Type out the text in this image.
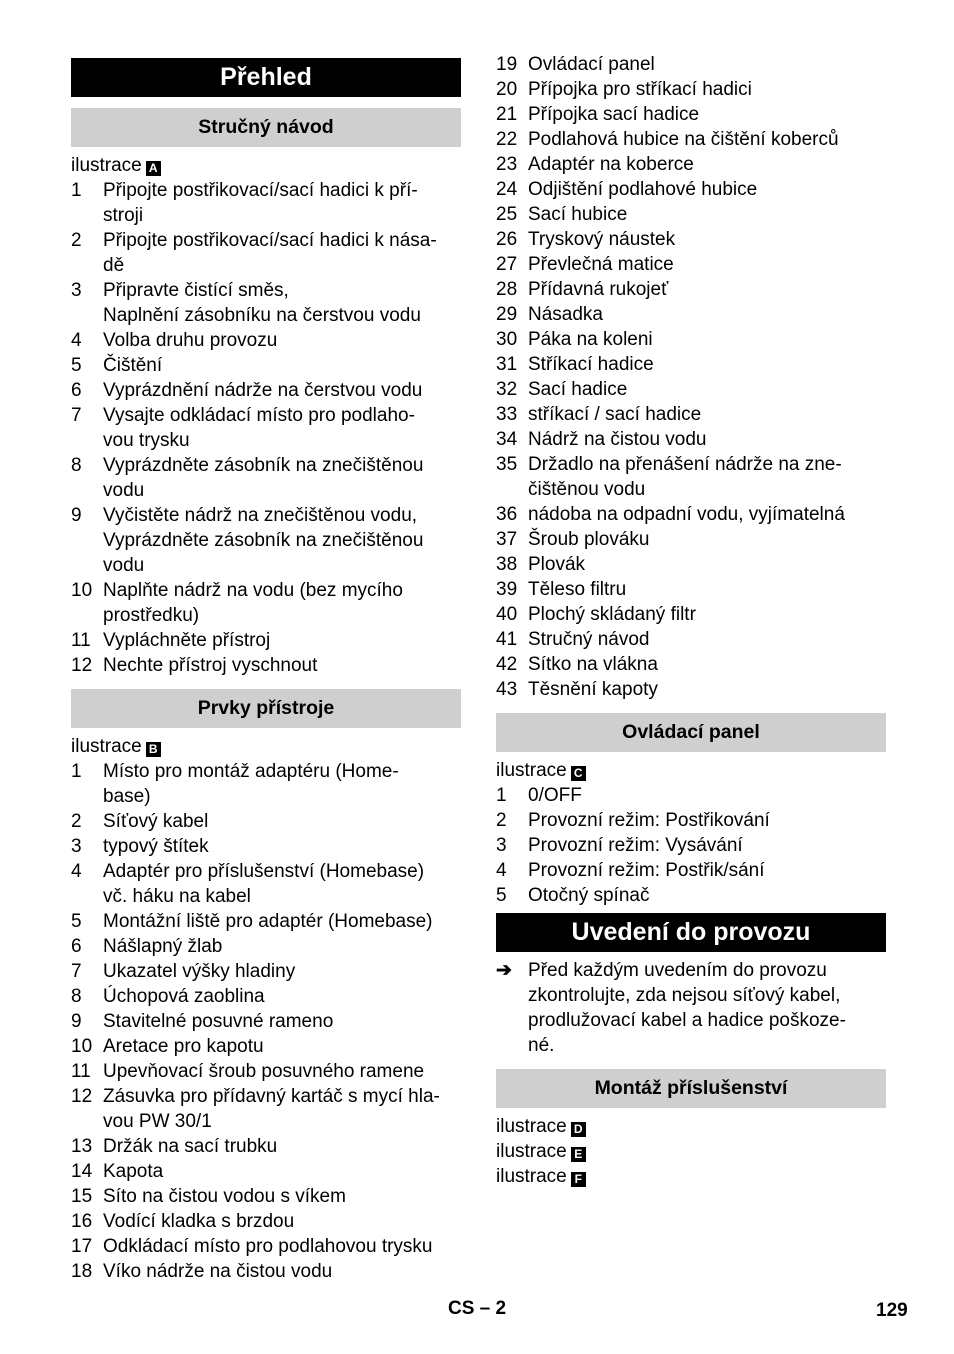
Přehled
Stručný návod
ilustrace A
1	Připojte postřikovací/sací hadici k pří-
stroji
2	Připojte postřikovací/sací hadici k násа-
dě
3	Připravte čistící směs,
Naplnění zásobníku na čerstvou vodu
4	Volba druhu provozu
5	Čištění
6	Vyprázdnění nádrže na čerstvou vodu
7	Vysajte odkládací místo pro podlaho-
vou trysku
8	Vyprázdněte zásobník na znečištěnou
vodu
9	Vyčistěte nádrž na znečištěnou vodu,
Vyprázdněte zásobník na znečištěnou
vodu
10 Naplňte nádrž na vodu (bez mycího
prostředku)
11 Vypláchněte přístroj
12 Nechte přístroj vyschnout
Prvky přístroje
ilustrace B
1	Místo pro montáž adaptéru (Home-
base)
2	Síťový kabel
3	typový štítek
4	Adaptér pro příslušenství (Homebase)
vč. háku na kabel
5	Montážní liště pro adaptér (Homebase)
6	Nášlapný žlab
7	Ukazatel výšky hladiny
8	Úchopová zaoblina
9	Stavitelné posuvné rameno
10 Aretace pro kapotu
11 Upevňovací šroub posuvného ramene
12 Zásuvka pro přídavný kartáč s mycí hla-
vou PW 30/1
13 Držák na sací trubku
14 Kapota
15 Síto na čistou vodou s víkem
16 Vodící kladka s brzdou
17 Odkládací místo pro podlahovou trysku
18 Víko nádrže na čistou vodu
19 Ovládací panel
20 Přípojka pro stříkací hadici
21 Přípojka sací hadice
22 Podlahová hubice na čištění koberců
23 Adaptér na koberce
24 Odjištění podlahové hubice
25 Sací hubice
26 Tryskový náustek
27 Převlečná matice
28 Přídavná rukojeť
29 Násadka
30 Páka na koleni
31 Stříkací hadice
32 Sací hadice
33 stříkací / sací hadice
34 Nádrž na čistou vodu
35 Držadlo na přenášení nádrže na zne-
čištěnou vodu
36 nádoba na odpadní vodu, vyjímatelná
37 Šroub plováku
38 Plovák
39 Těleso filtru
40 Plochý skládaný filtr
41 Stručný návod
42 Sítko na vlákna
43 Těsnění kapoty
Ovládací panel
ilustrace C
1	0/OFF
2	Provozní režim: Postřikování
3	Provozní režim: Vysávání
4	Provozní režim: Postřik/sání
5	Otočný spínač
Uvedení do provozu
➔ Před každým uvedením do provozu
zkontrolujte, zda nejsou síťový kabel,
prodlužovací kabel a hadice poškoze-
né.
Montáž příslušenství
ilustrace D
ilustrace E
ilustrace F
CS – 2	129
